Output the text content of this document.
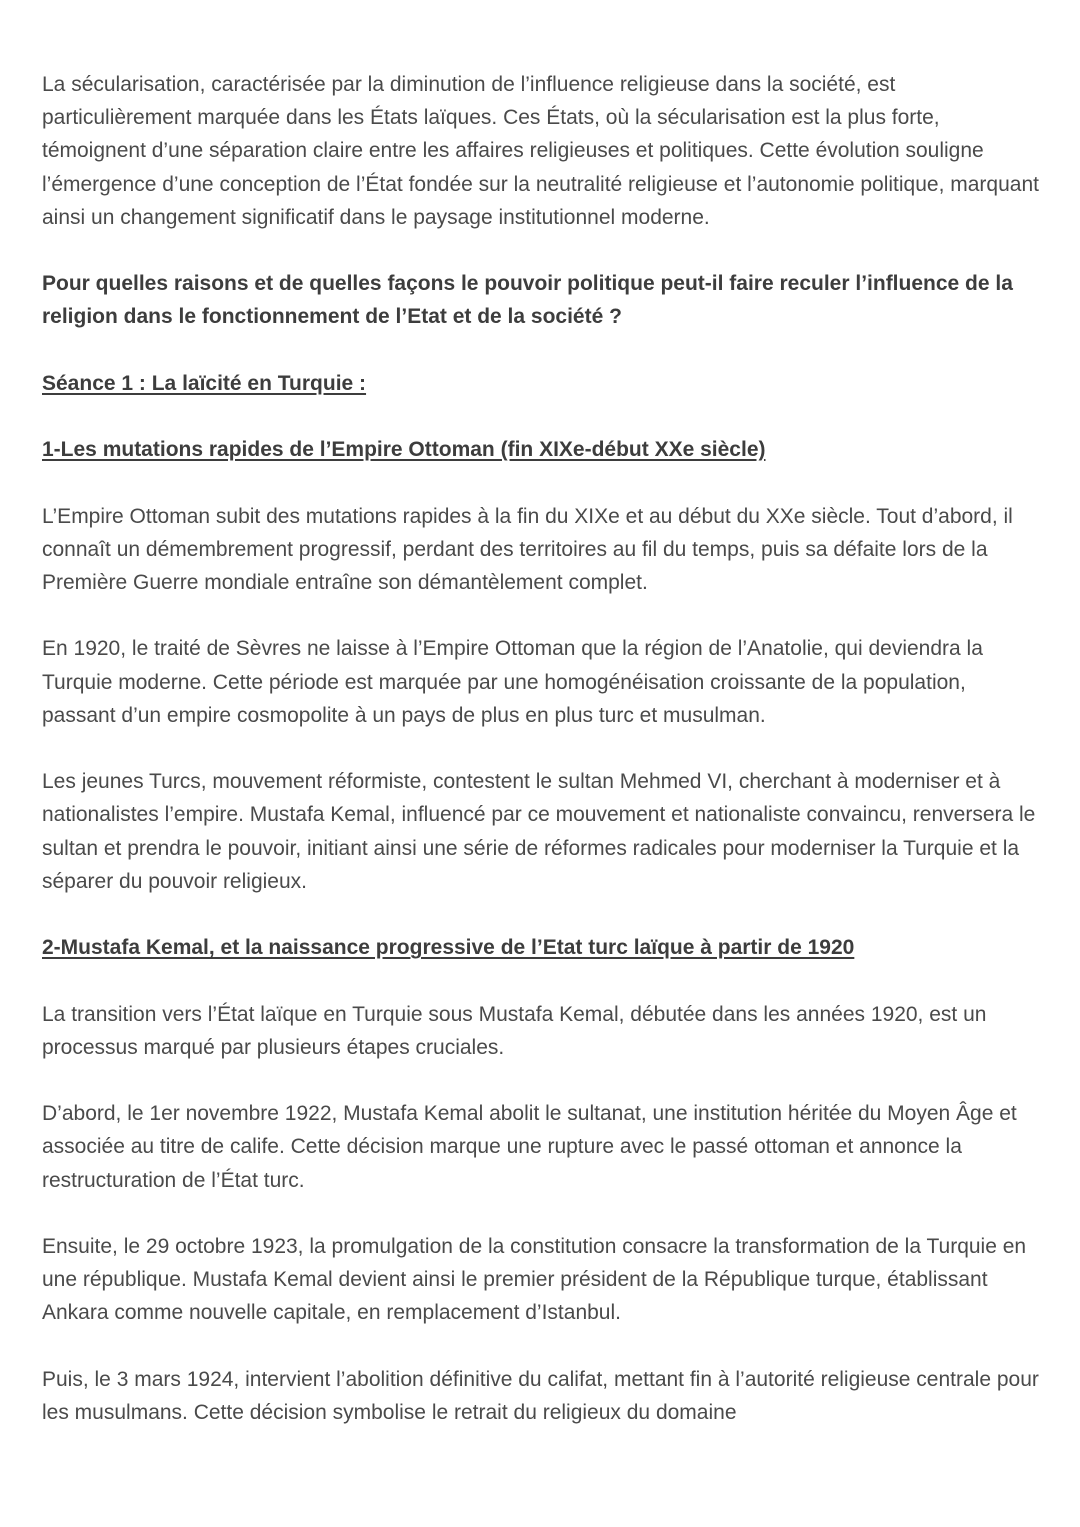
La sécularisation, caractérisée par la diminution de l’influence religieuse dans la société, est particulièrement marquée dans les États laïques. Ces États, où la sécularisation est la plus forte, témoignent d’une séparation claire entre les affaires religieuses et politiques. Cette évolution souligne l’émergence d’une conception de l’État fondée sur la neutralité religieuse et l’autonomie politique, marquant ainsi un changement significatif dans le paysage institutionnel moderne.

Pour quelles raisons et de quelles façons le pouvoir politique peut-il faire reculer l’influence de la religion dans le fonctionnement de l’Etat et de la société ?

Séance 1 : La laïcité en Turquie :

1-Les mutations rapides de l’Empire Ottoman (fin XIXe-début XXe siècle)

L’Empire Ottoman subit des mutations rapides à la fin du XIXe et au début du XXe siècle. Tout d’abord, il connaît un démembrement progressif, perdant des territoires au fil du temps, puis sa défaite lors de la Première Guerre mondiale entraîne son démantèlement complet.

En 1920, le traité de Sèvres ne laisse à l’Empire Ottoman que la région de l’Anatolie, qui deviendra la Turquie moderne. Cette période est marquée par une homogénéisation croissante de la population, passant d’un empire cosmopolite à un pays de plus en plus turc et musulman.

Les jeunes Turcs, mouvement réformiste, contestent le sultan Mehmed VI, cherchant à moderniser et à nationalistes l’empire. Mustafa Kemal, influencé par ce mouvement et nationaliste convaincu, renversera le sultan et prendra le pouvoir, initiant ainsi une série de réformes radicales pour moderniser la Turquie et la séparer du pouvoir religieux.

2-Mustafa Kemal, et la naissance progressive de l’Etat turc laïque à partir de 1920

La transition vers l’État laïque en Turquie sous Mustafa Kemal, débutée dans les années 1920, est un processus marqué par plusieurs étapes cruciales.

D’abord, le 1er novembre 1922, Mustafa Kemal abolit le sultanat, une institution héritée du Moyen Âge et associée au titre de calife. Cette décision marque une rupture avec le passé ottoman et annonce la restructuration de l’État turc.

Ensuite, le 29 octobre 1923, la promulgation de la constitution consacre la transformation de la Turquie en une république. Mustafa Kemal devient ainsi le premier président de la République turque, établissant Ankara comme nouvelle capitale, en remplacement d’Istanbul.

Puis, le 3 mars 1924, intervient l’abolition définitive du califat, mettant fin à l’autorité religieuse centrale pour les musulmans. Cette décision symbolise le retrait du religieux du domaine
